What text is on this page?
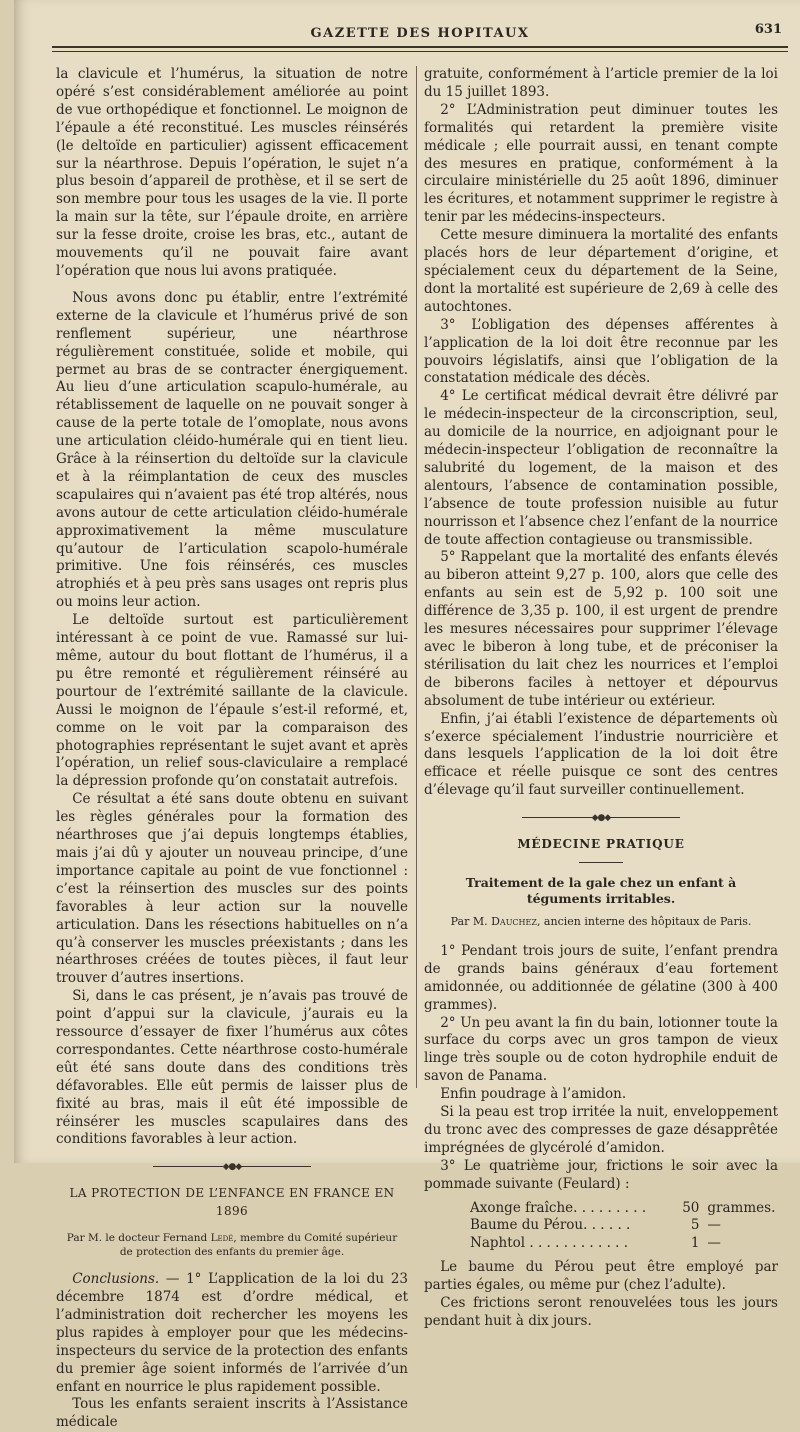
GAZETTE DES HOPITAUX	631

la clavicule et l’humérus, la situation de notre opéré s’est considérablement améliorée au point de vue orthopédique et fonctionnel. Le moignon de l’épaule a été reconstitué. Les muscles réinsérés (le deltoïde en particulier) agissent efficacement sur la néarthrose. Depuis l’opération, le sujet n’a plus besoin d’appareil de prothèse, et il se sert de son membre pour tous les usages de la vie. Il porte la main sur la tête, sur l’épaule droite, en arrière sur la fesse droite, croise les bras, etc., autant de mouvements qu’il ne pouvait faire avant l’opération que nous lui avons pratiquée.

Nous avons donc pu établir, entre l’extrémité externe de la clavicule et l’humérus privé de son renflement supérieur, une néarthrose régulièrement constituée, solide et mobile, qui permet au bras de se contracter énergiquement. Au lieu d’une articulation scapulo-humérale, au rétablissement de laquelle on ne pouvait songer à cause de la perte totale de l’omoplate, nous avons une articulation cléido-humérale qui en tient lieu. Grâce à la réinsertion du deltoïde sur la clavicule et à la réimplantation de ceux des muscles scapulaires qui n’avaient pas été trop altérés, nous avons autour de cette articulation cléido-humérale approximativement la même musculature qu’autour de l’articulation scapolo-humérale primitive. Une fois réinsérés, ces muscles atrophiés et à peu près sans usages ont repris plus ou moins leur action.

Le deltoïde surtout est particulièrement intéressant à ce point de vue. Ramassé sur lui-même, autour du bout flottant de l’humérus, il a pu être remonté et régulièrement réinséré au pourtour de l’extrémité saillante de la clavicule. Aussi le moignon de l’épaule s’est-il reformé, et, comme on le voit par la comparaison des photographies représentant le sujet avant et après l’opération, un relief sous-claviculaire a remplacé la dépression profonde qu’on constatait autrefois.

Ce résultat a été sans doute obtenu en suivant les règles générales pour la formation des néarthroses que j’ai depuis longtemps établies, mais j’ai dû y ajouter un nouveau principe, d’une importance capitale au point de vue fonctionnel : c’est la réinsertion des muscles sur des points favorables à leur action sur la nouvelle articulation. Dans les résections habituelles on n’a qu’à conserver les muscles préexistants ; dans les néarthroses créées de toutes pièces, il faut leur trouver d’autres insertions.

Si, dans le cas présent, je n’avais pas trouvé de point d’appui sur la clavicule, j’aurais eu la ressource d’essayer de fixer l’humérus aux côtes correspondantes. Cette néarthrose costo-humérale eût été sans doute dans des conditions très défavorables. Elle eût permis de laisser plus de fixité au bras, mais il eût été impossible de réinsérer les muscles scapulaires dans des conditions favorables à leur action.

◆●◆
LA PROTECTION DE L’ENFANCE EN FRANCE EN 1896
Par M. le docteur Fernand Ledé, membre du Comité supérieur de protection des enfants du premier âge.

Conclusions. — 1° L’application de la loi du 23 décembre 1874 est d’ordre médical, et l’administration doit rechercher les moyens les plus rapides à employer pour que les médecins-inspecteurs du service de la protection des enfants du premier âge soient informés de l’arrivée d’un enfant en nourrice le plus rapidement possible.

Tous les enfants seraient inscrits à l’Assistance médicale

gratuite, conformément à l’article premier de la loi du 15 juillet 1893.

2° L’Administration peut diminuer toutes les formalités qui retardent la première visite médicale ; elle pourrait aussi, en tenant compte des mesures en pratique, conformément à la circulaire ministérielle du 25 août 1896, diminuer les écritures, et notamment supprimer le registre à tenir par les médecins-inspecteurs.

Cette mesure diminuera la mortalité des enfants placés hors de leur département d’origine, et spécialement ceux du département de la Seine, dont la mortalité est supérieure de 2,69 à celle des autochtones.

3° L’obligation des dépenses afférentes à l’application de la loi doit être reconnue par les pouvoirs législatifs, ainsi que l’obligation de la constatation médicale des décès.

4° Le certificat médical devrait être délivré par le médecin-inspecteur de la circonscription, seul, au domicile de la nourrice, en adjoignant pour le médecin-inspecteur l’obligation de reconnaître la salubrité du logement, de la maison et des alentours, l’absence de contamination possible, l’absence de toute profession nuisible au futur nourrisson et l’absence chez l’enfant de la nourrice de toute affection contagieuse ou transmissible.

5° Rappelant que la mortalité des enfants élevés au biberon atteint 9,27 p. 100, alors que celle des enfants au sein est de 5,92 p. 100 soit une différence de 3,35 p. 100, il est urgent de prendre les mesures nécessaires pour supprimer l’élevage avec le biberon à long tube, et de préconiser la stérilisation du lait chez les nourrices et l’emploi de biberons faciles à nettoyer et dépourvus absolument de tube intérieur ou extérieur.

Enfin, j’ai établi l’existence de départements où s’exerce spécialement l’industrie nourricière et dans lesquels l’application de la loi doit être efficace et réelle puisque ce sont des centres d’élevage qu’il faut surveiller continuellement.

◆●◆
MÉDECINE PRATIQUE
Traitement de la gale chez un enfant à téguments irritables.
Par M. Dauchez, ancien interne des hôpitaux de Paris.

1° Pendant trois jours de suite, l’enfant prendra de grands bains généraux d’eau fortement amidonnée, ou additionnée de gélatine (300 à 400 grammes).

2° Un peu avant la fin du bain, lotionner toute la surface du corps avec un gros tampon de vieux linge très souple ou de coton hydrophile enduit de savon de Panama.

Enfin poudrage à l’amidon.

Si la peau est trop irritée la nuit, enveloppement du tronc avec des compresses de gaze désapprêtée imprégnées de glycérolé d’amidon.

3° Le quatrième jour, frictions le soir avec la pommade suivante (Feulard) :

Axonge fraîche. . . . . . . . .	50 grammes.
Baume du Pérou. . . . . .	5 —
Naphtol . . . . . . . . . . . .	1 —

Le baume du Pérou peut être employé par parties égales, ou même pur (chez l’adulte).

Ces frictions seront renouvelées tous les jours pendant huit à dix jours.
